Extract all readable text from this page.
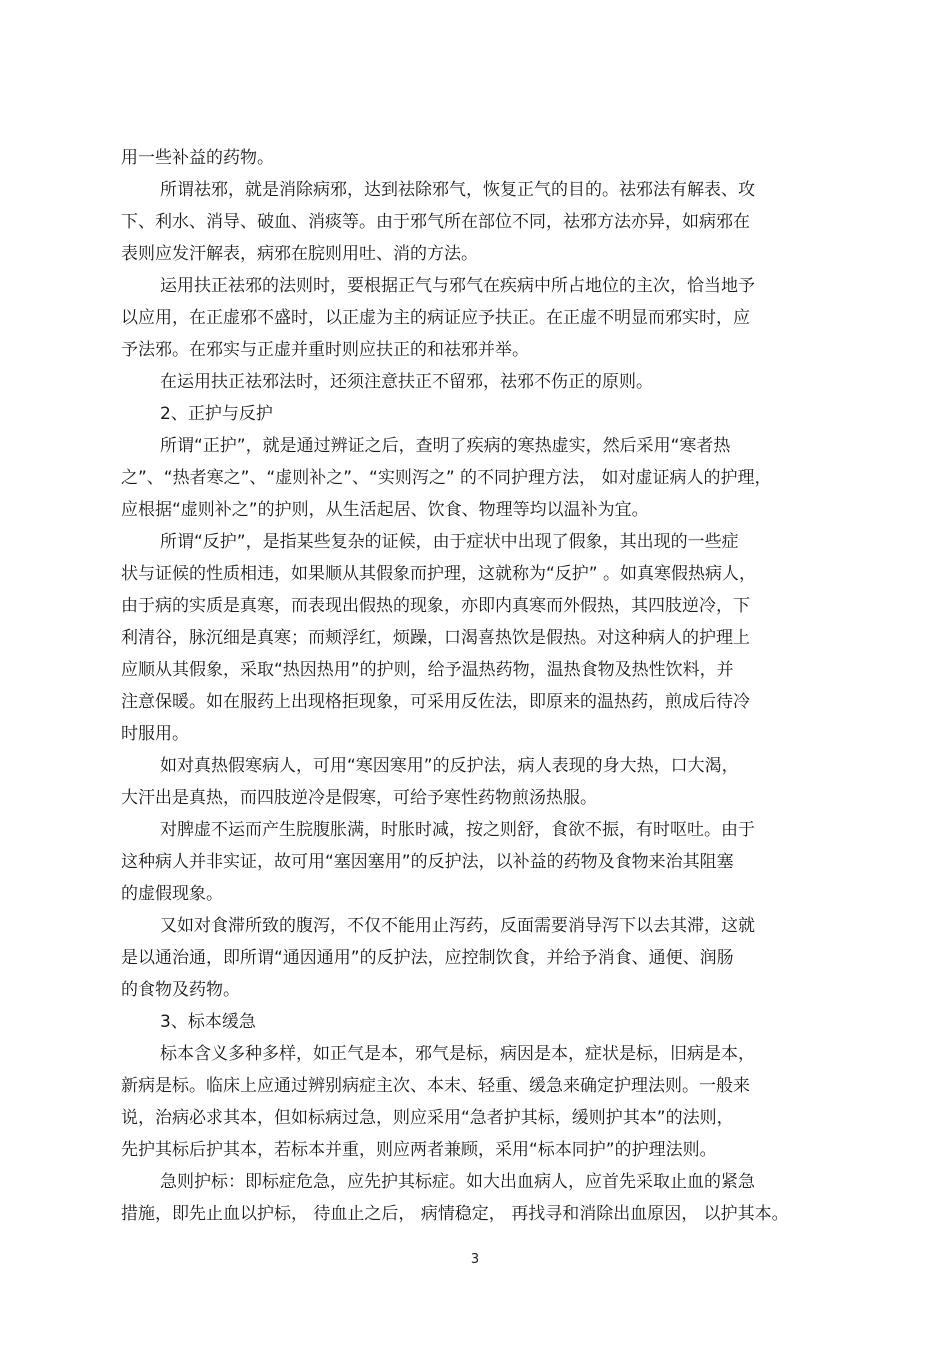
用一些补益的药物。
所谓祛邪，就是消除病邪，达到祛除邪气，恢复正气的目的。祛邪法有解表、攻
下、利水、消导、破血、消痰等。由于邪气所在部位不同，祛邪方法亦异，如病邪在
表则应发汗解表，病邪在脘则用吐、消的方法。
运用扶正祛邪的法则时，要根据正气与邪气在疾病中所占地位的主次，恰当地予
以应用，在正虚邪不盛时，以正虚为主的病证应予扶正。在正虚不明显而邪实时，应
予法邪。在邪实与正虚并重时则应扶正的和祛邪并举。
在运用扶正祛邪法时，还须注意扶正不留邪，祛邪不伤正的原则。
2、正护与反护
所谓“正护”，就是通过辨证之后，查明了疾病的寒热虚实，然后采用“寒者热
之”、“热者寒之”、“虚则补之”、“实则泻之” 的不同护理方法， 如对虚证病人的护理，
应根据“虚则补之”的护则，从生活起居、饮食、物理等均以温补为宜。
所谓“反护”，是指某些复杂的证候，由于症状中出现了假象，其出现的一些症
状与证候的性质相违，如果顺从其假象而护理，这就称为“反护” 。如真寒假热病人，
由于病的实质是真寒，而表现出假热的现象，亦即内真寒而外假热，其四肢逆冷，下
利清谷，脉沉细是真寒；而颊浮红，烦躁，口渴喜热饮是假热。对这种病人的护理上
应顺从其假象，采取“热因热用”的护则，给予温热药物，温热食物及热性饮料，并
注意保暖。如在服药上出现格拒现象，可采用反佐法，即原来的温热药，煎成后待冷
时服用。
如对真热假寒病人，可用“寒因寒用”的反护法，病人表现的身大热，口大渴，
大汗出是真热，而四肢逆冷是假寒，可给予寒性药物煎汤热服。
对脾虚不运而产生脘腹胀满，时胀时减，按之则舒，食欲不振，有时呕吐。由于
这种病人并非实证，故可用“塞因塞用”的反护法，以补益的药物及食物来治其阻塞
的虚假现象。
又如对食滞所致的腹泻，不仅不能用止泻药，反面需要消导泻下以去其滞，这就
是以通治通，即所谓“通因通用”的反护法，应控制饮食，并给予消食、通便、润肠
的食物及药物。
3、标本缓急
标本含义多种多样，如正气是本，邪气是标，病因是本，症状是标，旧病是本，
新病是标。临床上应通过辨别病症主次、本末、轻重、缓急来确定护理法则。一般来
说，治病必求其本，但如标病过急，则应采用“急者护其标，缓则护其本”的法则，
先护其标后护其本，若标本并重，则应两者兼顾，采用“标本同护”的护理法则。
急则护标：即标症危急，应先护其标症。如大出血病人，应首先采取止血的紧急
措施，即先止血以护标， 待血止之后， 病情稳定， 再找寻和消除出血原因， 以护其本。
3
